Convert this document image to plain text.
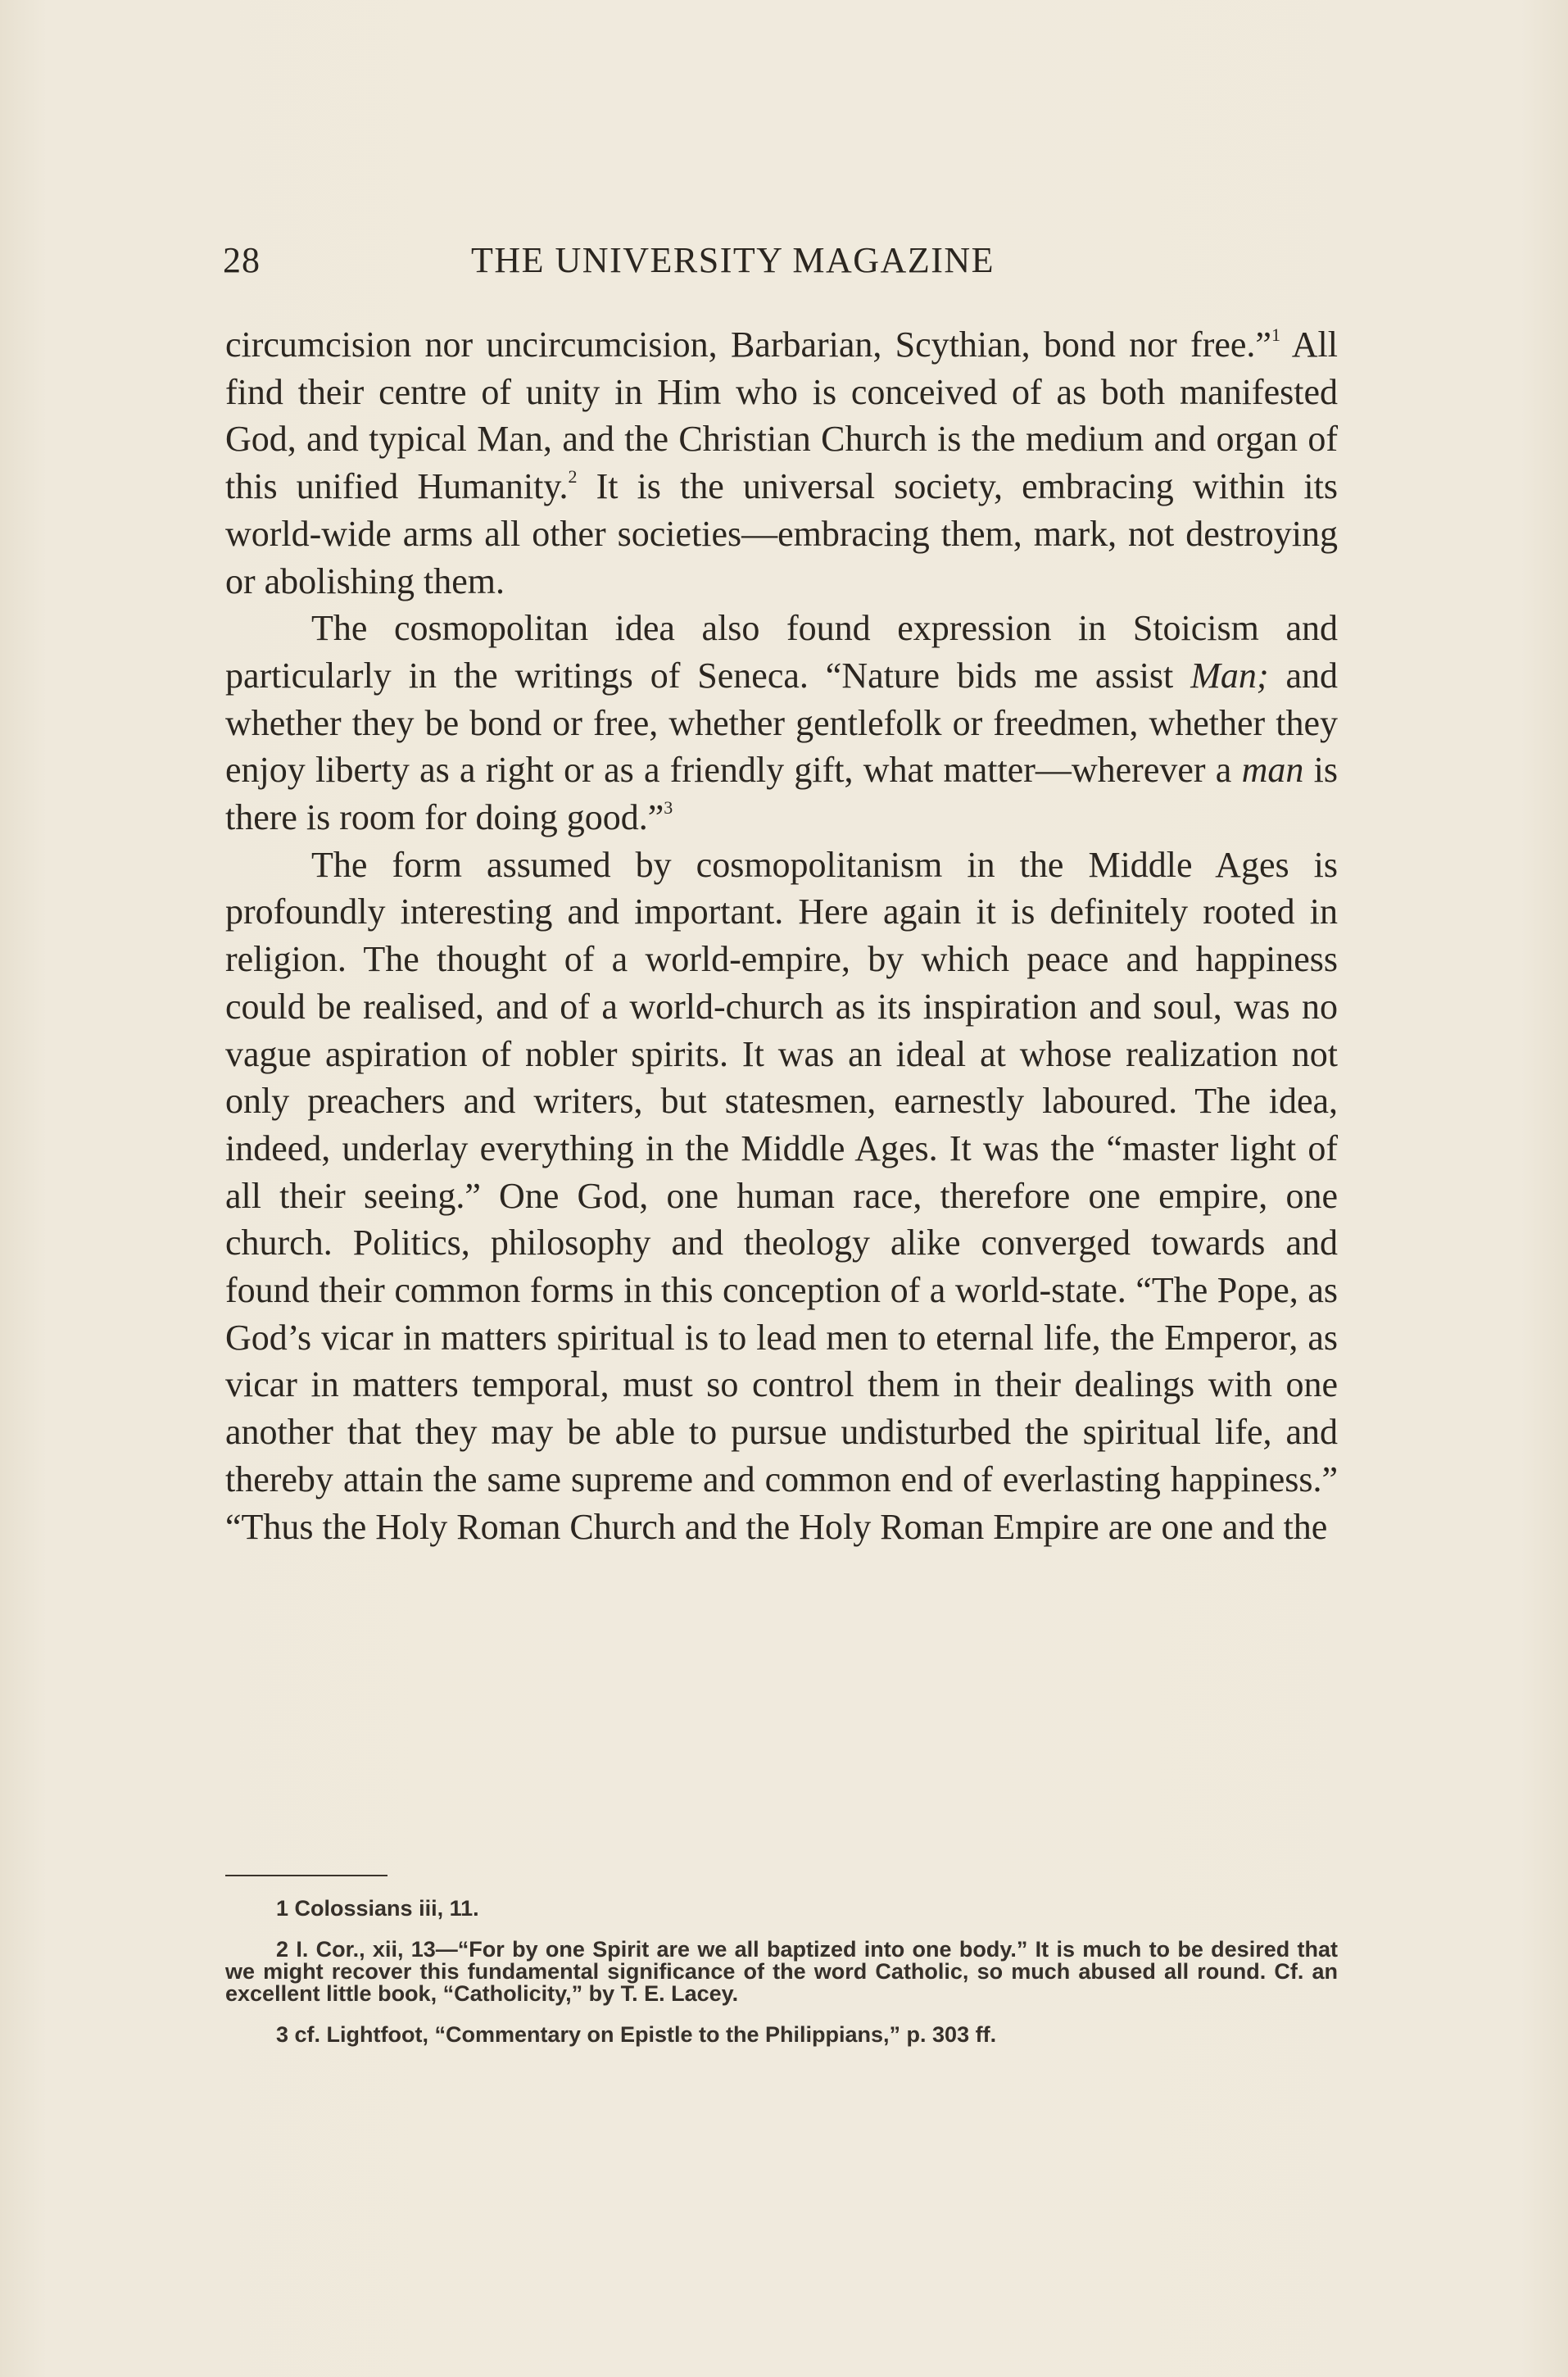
28	THE UNIVERSITY MAGAZINE

circumcision nor uncircumcision, Barbarian, Scythian, bond nor free.”$^1$ All find their centre of unity in Him who is conceived of as both manifested God, and typical Man, and the Christian Church is the medium and organ of this unified Humanity.$^2$ It is the universal society, embracing within its world-wide arms all other societies—embracing them, mark, not destroying or abolishing them.

The cosmopolitan idea also found expression in Stoicism and particularly in the writings of Seneca. “Nature bids me assist Man; and whether they be bond or free, whether gentlefolk or freedmen, whether they enjoy liberty as a right or as a friendly gift, what matter—wherever a man is there is room for doing good.”$^3$

The form assumed by cosmopolitanism in the Middle Ages is profoundly interesting and important. Here again it is definitely rooted in religion. The thought of a world-empire, by which peace and happiness could be realised, and of a world-church as its inspiration and soul, was no vague aspiration of nobler spirits. It was an ideal at whose realization not only preachers and writers, but statesmen, earnestly laboured. The idea, indeed, underlay everything in the Middle Ages. It was the “master light of all their seeing.” One God, one human race, therefore one empire, one church. Politics, philosophy and theology alike converged towards and found their common forms in this conception of a world-state. “The Pope, as God’s vicar in matters spiritual is to lead men to eternal life, the Emperor, as vicar in matters temporal, must so control them in their dealings with one another that they may be able to pursue undisturbed the spiritual life, and thereby attain the same supreme and common end of everlasting happiness.” “Thus the Holy Roman Church and the Holy Roman Empire are one and the

1 Colossians iii, 11.

2 I. Cor., xii, 13—“For by one Spirit are we all baptized into one body.” It is much to be desired that we might recover this fundamental significance of the word Catholic, so much abused all round. Cf. an excellent little book, “Catholicity,” by T. E. Lacey.

3 cf. Lightfoot, “Commentary on Epistle to the Philippians,” p. 303 ff.
